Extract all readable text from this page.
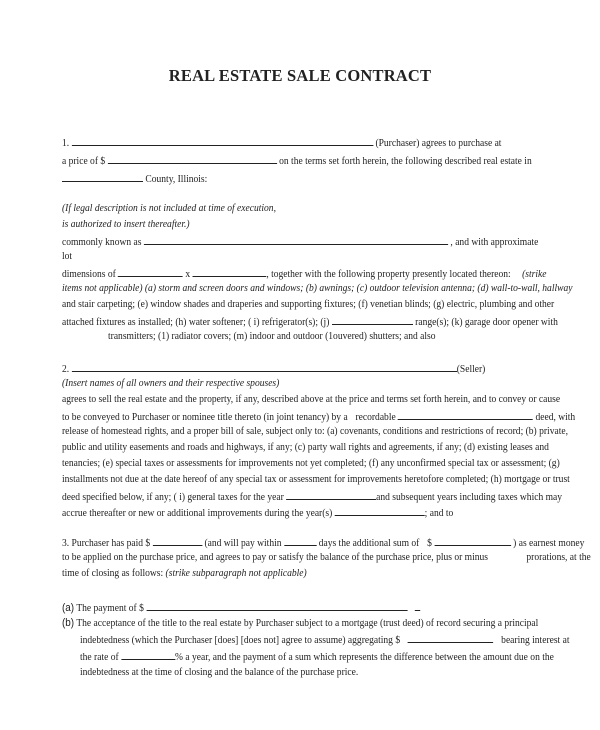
REAL ESTATE SALE CONTRACT
1.	(Purchaser) agrees to purchase at
a price of $	on the terms set forth herein, the following described real estate in
County, Illinois:
(If legal description is not included at time of execution,
is authorized to insert thereafter.)
commonly known as	, and with approximate
lot
dimensions of	x	, together with the following property presently located thereon: (strike
items not applicable) (a) storm and screen doors and windows; (b) awnings; (c) outdoor television antenna; (d) wall-to-wall, hallway
and stair carpeting; (e) window shades and draperies and supporting fixtures; (f) venetian blinds; (g) electric, plumbing and other
attached fixtures as installed; (h) water softener; ( i) refrigerator(s); (j)	range(s); (k) garage door opener with
transmitters; (1) radiator covers; (m) indoor and outdoor (1ouvered) shutters; and also
2.	(Seller)
(Insert names of all owners and their respective spouses)
agrees to sell the real estate and the property, if any, described above at the price and terms set forth herein, and to convey or cause
to be conveyed to Purchaser or nominee title thereto (in joint tenancy) by a recordable	deed, with
release of homestead rights, and a proper bill of sale, subject only to: (a) covenants, conditions and restrictions of record; (b) private,
public and utility easements and roads and highways, if any; (c) party wall rights and agreements, if any; (d) existing leases and
tenancies; (e) special taxes or assessments for improvements not yet completed; (f) any unconfirmed special tax or assessment; (g)
installments not due at the date hereof of any special tax or assessment for improvements heretofore completed; (h) mortgage or trust
deed specified below, if any; ( i) general taxes for the year	and subsequent years including taxes which may
accrue thereafter or new or additional improvements during the year(s)	; and to
3. Purchaser has paid $	(and will pay within	days the additional sum of $	) as earnest money
to be applied on the purchase price, and agrees to pay or satisfy the balance of the purchase price, plus or minus	prorations, at the
time of closing as follows: (strike subparagraph not applicable)
(a) The payment of $
(b) The acceptance of the title to the real estate by Purchaser subject to a mortgage (trust deed) of record securing a principal
indebtedness (which the Purchaser [does] [does not] agree to assume) aggregating $	bearing interest at
the rate of	% a year, and the payment of a sum which represents the difference between the amount due on the
indebtedness at the time of closing and the balance of the purchase price.
